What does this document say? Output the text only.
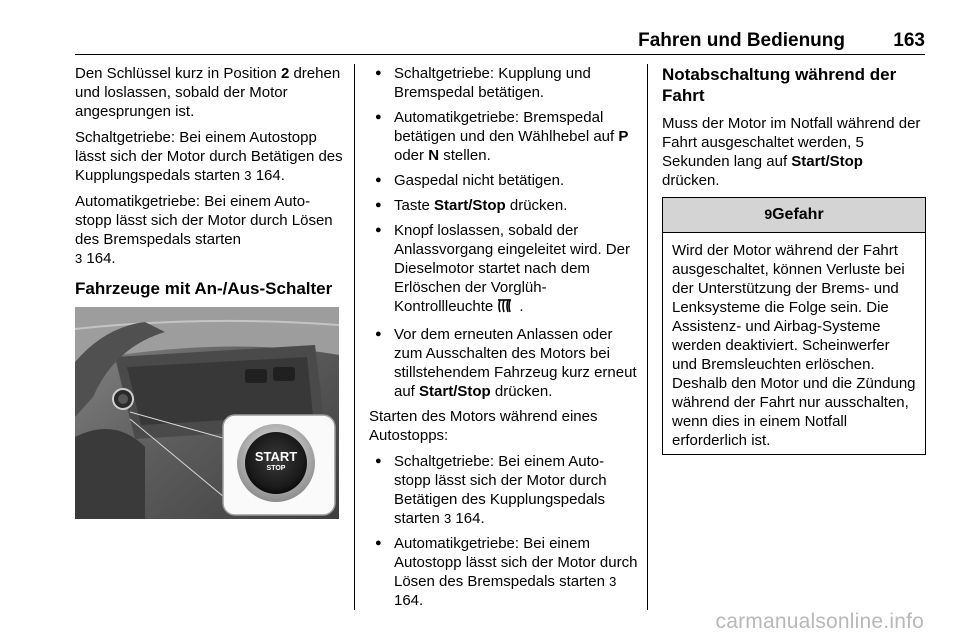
Fahren und Bedienung	163

Den Schlüssel kurz in Position 2 drehen und loslassen, sobald der Motor angesprungen ist.

Schaltgetriebe: Bei einem Autostopp lässt sich der Motor durch Betätigen des Kupplungspedals starten 3 164.

Automatikgetriebe: Bei einem Auto-stopp lässt sich der Motor durch Lösen des Bremspedals starten
3 164.

Fahrzeuge mit An-/Aus-Schalter
START
STOP
● Schaltgetriebe: Kupplung und Bremspedal betätigen.
● Automatikgetriebe: Bremspedal betätigen und den Wählhebel auf P oder N stellen.
● Gaspedal nicht betätigen.
● Taste Start/Stop drücken.
● Knopf loslassen, sobald der Anlassvorgang eingeleitet wird. Der Dieselmotor startet nach dem Erlöschen der Vorglüh-Kontrollleuchte .
● Vor dem erneuten Anlassen oder zum Ausschalten des Motors bei stillstehendem Fahrzeug kurz erneut auf Start/Stop drücken.

Starten des Motors während eines Autostopps:

● Schaltgetriebe: Bei einem Auto-stopp lässt sich der Motor durch Betätigen des Kupplungspedals starten 3 164.
● Automatikgetriebe: Bei einem Autostopp lässt sich der Motor durch Lösen des Bremspedals starten 3 164.
Notabschaltung während der Fahrt

Muss der Motor im Notfall während der Fahrt ausgeschaltet werden, 5 Sekunden lang auf Start/Stop
drücken.

9Gefahr
Wird der Motor während der Fahrt ausgeschaltet, können Verluste bei der Unterstützung der Brems- und Lenksysteme die Folge sein. Die Assistenz- und Airbag-Systeme werden deaktiviert. Scheinwerfer und Bremsleuchten erlöschen. Deshalb den Motor und die Zündung während der Fahrt nur ausschalten, wenn dies in einem Notfall erforderlich ist.
carmanualsonline.info
